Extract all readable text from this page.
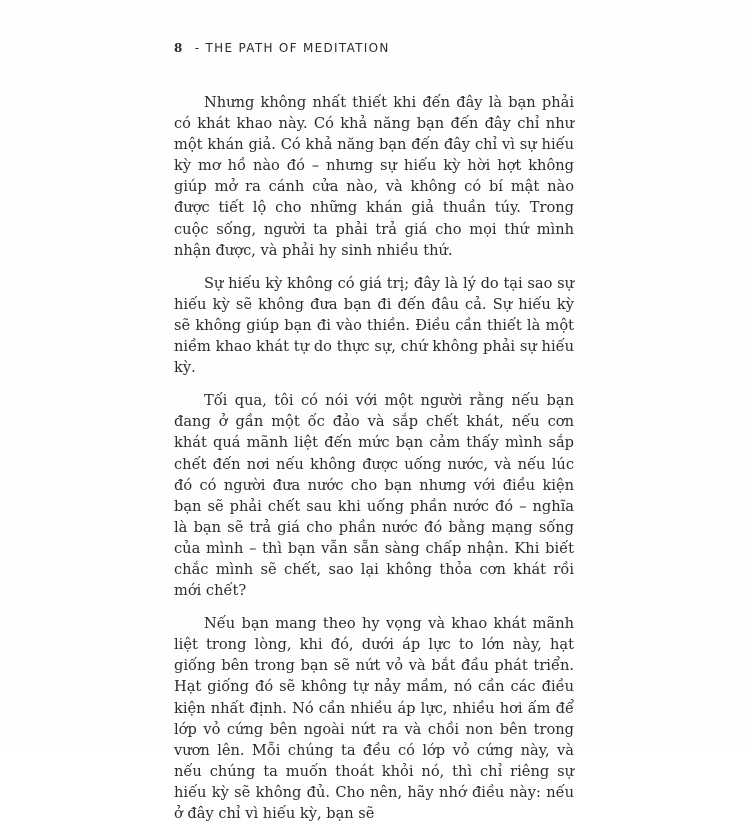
8 - THE PATH OF MEDITATION

Nhưng không nhất thiết khi đến đây là bạn phải có khát khao này. Có khả năng bạn đến đây chỉ như một khán giả. Có khả năng bạn đến đây chỉ vì sự hiếu kỳ mơ hồ nào đó – nhưng sự hiếu kỳ hời hợt không giúp mở ra cánh cửa nào, và không có bí mật nào được tiết lộ cho những khán giả thuần túy. Trong cuộc sống, người ta phải trả giá cho mọi thứ mình nhận được, và phải hy sinh nhiều thứ.

Sự hiếu kỳ không có giá trị; đây là lý do tại sao sự hiếu kỳ sẽ không đưa bạn đi đến đâu cả. Sự hiếu kỳ sẽ không giúp bạn đi vào thiền. Điều cần thiết là một niềm khao khát tự do thực sự, chứ không phải sự hiếu kỳ.

Tối qua, tôi có nói với một người rằng nếu bạn đang ở gần một ốc đảo và sắp chết khát, nếu cơn khát quá mãnh liệt đến mức bạn cảm thấy mình sắp chết đến nơi nếu không được uống nước, và nếu lúc đó có người đưa nước cho bạn nhưng với điều kiện bạn sẽ phải chết sau khi uống phần nước đó – nghĩa là bạn sẽ trả giá cho phần nước đó bằng mạng sống của mình – thì bạn vẫn sẵn sàng chấp nhận. Khi biết chắc mình sẽ chết, sao lại không thỏa cơn khát rồi mới chết?

Nếu bạn mang theo hy vọng và khao khát mãnh liệt trong lòng, khi đó, dưới áp lực to lớn này, hạt giống bên trong bạn sẽ nứt vỏ và bắt đầu phát triển. Hạt giống đó sẽ không tự nảy mầm, nó cần các điều kiện nhất định. Nó cần nhiều áp lực, nhiều hơi ấm để lớp vỏ cứng bên ngoài nứt ra và chồi non bên trong vươn lên. Mỗi chúng ta đều có lớp vỏ cứng này, và nếu chúng ta muốn thoát khỏi nó, thì chỉ riêng sự hiếu kỳ sẽ không đủ. Cho nên, hãy nhớ điều này: nếu ở đây chỉ vì hiếu kỳ, bạn sẽ
